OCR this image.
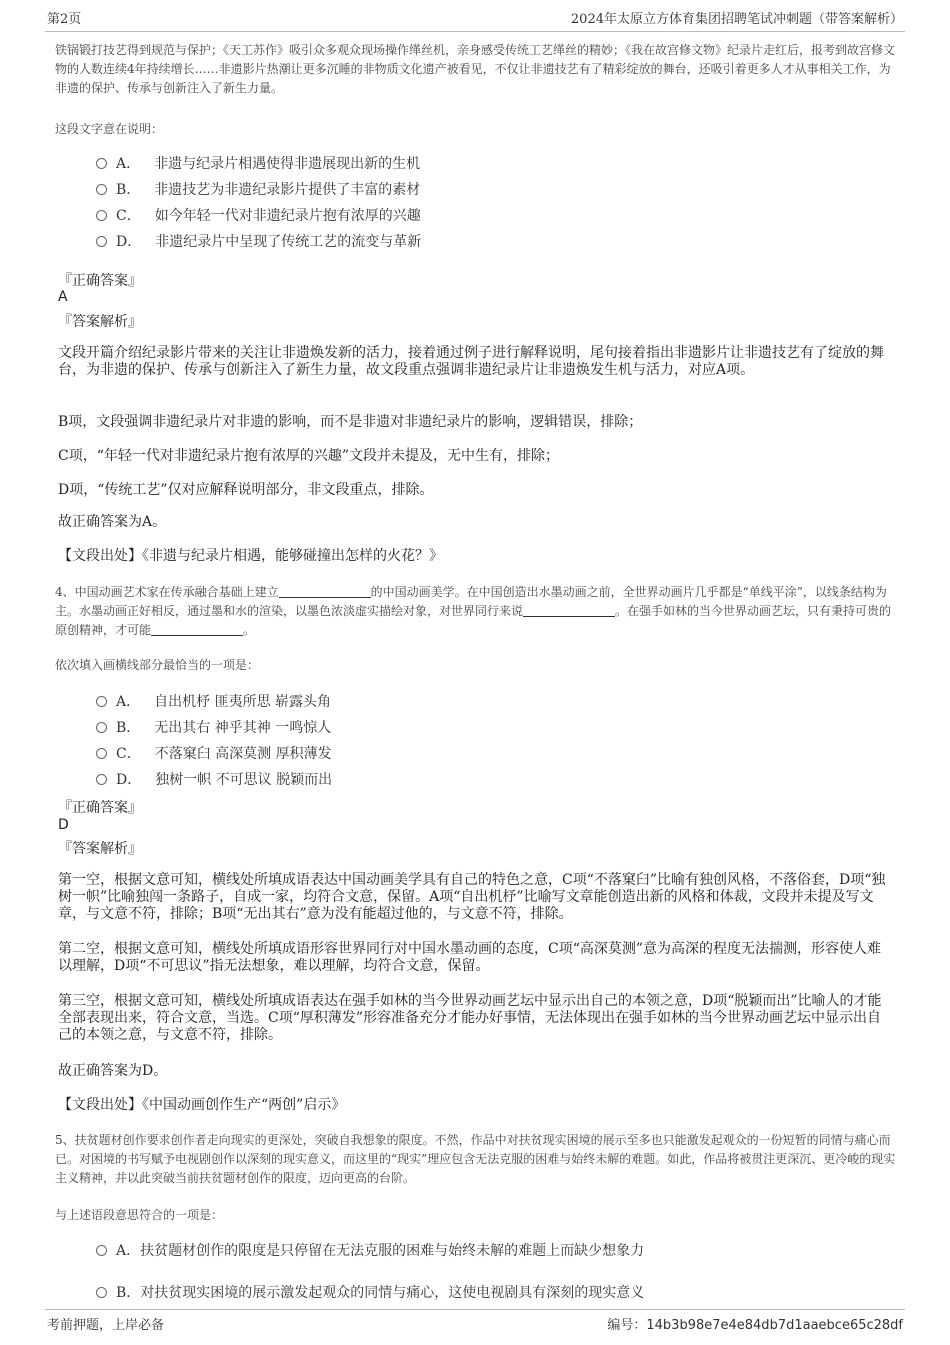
第2页	2024年太原立方体育集团招聘笔试冲刺题（带答案解析）
铁锅锻打技艺得到规范与保护；《天工苏作》吸引众多观众现场操作缂丝机，亲身感受传统工艺缂丝的精妙；《我在故宫修文物》纪录片走红后，报考到故宫修文物的人数连续4年持续增长……非遗影片热潮让更多沉睡的非物质文化遗产被看见，不仅让非遗技艺有了精彩绽放的舞台，还吸引着更多人才从事相关工作，为非遗的保护、传承与创新注入了新生力量。
这段文字意在说明：
A． 非遗与纪录片相遇使得非遗展现出新的生机
B． 非遗技艺为非遗纪录影片提供了丰富的素材
C． 如今年轻一代对非遗纪录片抱有浓厚的兴趣
D． 非遗纪录片中呈现了传统工艺的流变与革新
『正确答案』
A
『答案解析』
文段开篇介绍纪录影片带来的关注让非遗焕发新的活力，接着通过例子进行解释说明，尾句接着指出非遗影片让非遗技艺有了绽放的舞台，为非遗的保护、传承与创新注入了新生力量，故文段重点强调非遗纪录片让非遗焕发生机与活力，对应A项。
B项，文段强调非遗纪录片对非遗的影响，而不是非遗对非遗纪录片的影响，逻辑错误，排除；
C项，“年轻一代对非遗纪录片抱有浓厚的兴趣”文段并未提及，无中生有，排除；
D项，“传统工艺”仅对应解释说明部分，非文段重点，排除。
故正确答案为A。
【文段出处】《非遗与纪录片相遇，能够碰撞出怎样的火花？》
4、中国动画艺术家在传承融合基础上建立	的中国动画美学。在中国创造出水墨动画之前，全世界动画片几乎都是“单线平涂”，以线条结构为主。水墨动画正好相反，通过墨和水的渲染，以墨色浓淡虚实描绘对象，对世界同行来说	。在强手如林的当今世界动画艺坛，只有秉持可贵的原创精神，才可能	。
依次填入画横线部分最恰当的一项是：
A． 自出机杼 匪夷所思 崭露头角
B． 无出其右 神乎其神 一鸣惊人
C． 不落窠臼 高深莫测 厚积薄发
D． 独树一帜 不可思议 脱颖而出
『正确答案』
D
『答案解析』
第一空，根据文意可知，横线处所填成语表达中国动画美学具有自己的特色之意，C项“不落窠臼”比喻有独创风格，不落俗套，D项“独树一帜”比喻独闯一条路子，自成一家，均符合文意，保留。A项“自出机杼”比喻写文章能创造出新的风格和体裁，文段并未提及写文章，与文意不符，排除；B项“无出其右”意为没有能超过他的，与文意不符，排除。
第二空，根据文意可知，横线处所填成语形容世界同行对中国水墨动画的态度，C项“高深莫测”意为高深的程度无法揣测，形容使人难以理解，D项“不可思议”指无法想象，难以理解，均符合文意，保留。
第三空，根据文意可知，横线处所填成语表达在强手如林的当今世界动画艺坛中显示出自己的本领之意，D项“脱颖而出”比喻人的才能全部表现出来，符合文意，当选。C项“厚积薄发”形容准备充分才能办好事情，无法体现出在强手如林的当今世界动画艺坛中显示出自己的本领之意，与文意不符，排除。
故正确答案为D。
【文段出处】《中国动画创作生产“两创”启示》
5、扶贫题材创作要求创作者走向现实的更深处，突破自我想象的限度。不然，作品中对扶贫现实困境的展示至多也只能激发起观众的一份短暂的同情与痛心而已。对困境的书写赋予电视剧创作以深刻的现实意义，而这里的“现实”理应包含无法克服的困难与始终未解的难题。如此，作品将被贯注更深沉、更冷峻的现实主义精神，并以此突破当前扶贫题材创作的限度，迈向更高的台阶。
与上述语段意思符合的一项是：
A．扶贫题材创作的限度是只停留在无法克服的困难与始终未解的难题上而缺少想象力
B．对扶贫现实困境的展示激发起观众的同情与痛心，这使电视剧具有深刻的现实意义
考前押题，上岸必备	编号：14b3b98e7e4e84db7d1aaebce65c28df
